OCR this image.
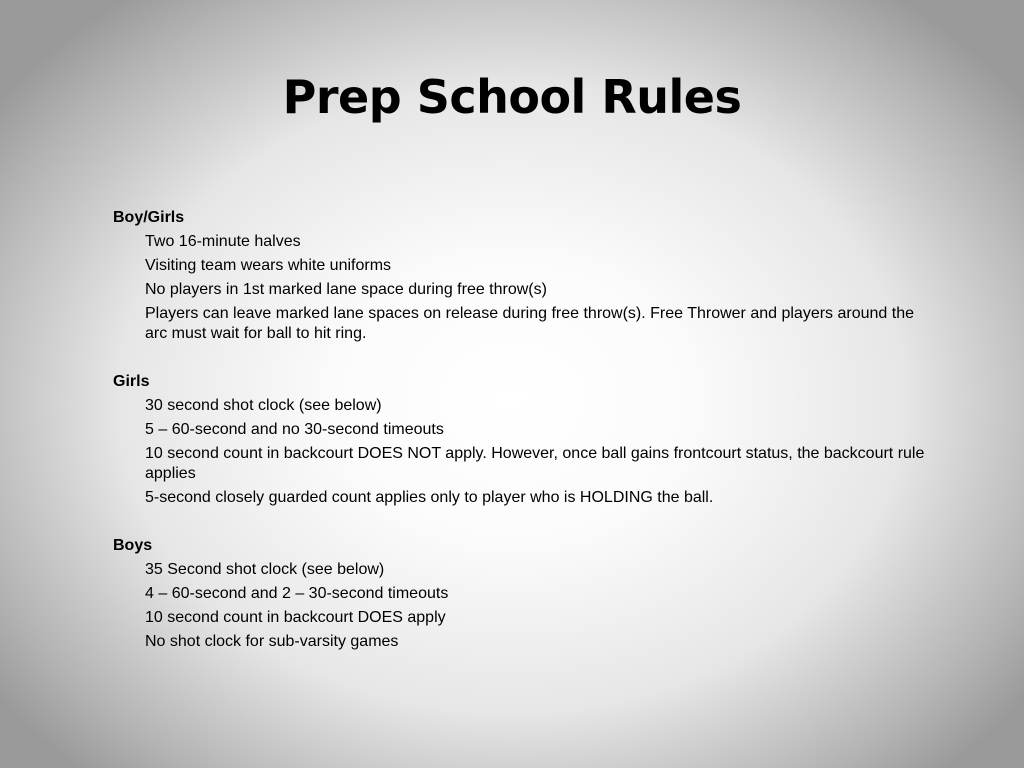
Prep School Rules
Boy/Girls
Two 16-minute halves
Visiting team wears white uniforms
No players in 1st marked lane space during free throw(s)
Players can leave marked lane spaces on release during free throw(s). Free Thrower and players around the arc must wait for ball to hit ring.
Girls
30 second shot clock (see below)
5 – 60-second and no 30-second timeouts
10 second count in backcourt DOES NOT apply. However, once ball gains frontcourt status, the backcourt rule applies
5-second closely guarded count applies only to player who is HOLDING the ball.
Boys
35 Second shot clock (see below)
4 – 60-second and 2 – 30-second timeouts
10 second count in backcourt DOES apply
No shot clock for sub-varsity games
